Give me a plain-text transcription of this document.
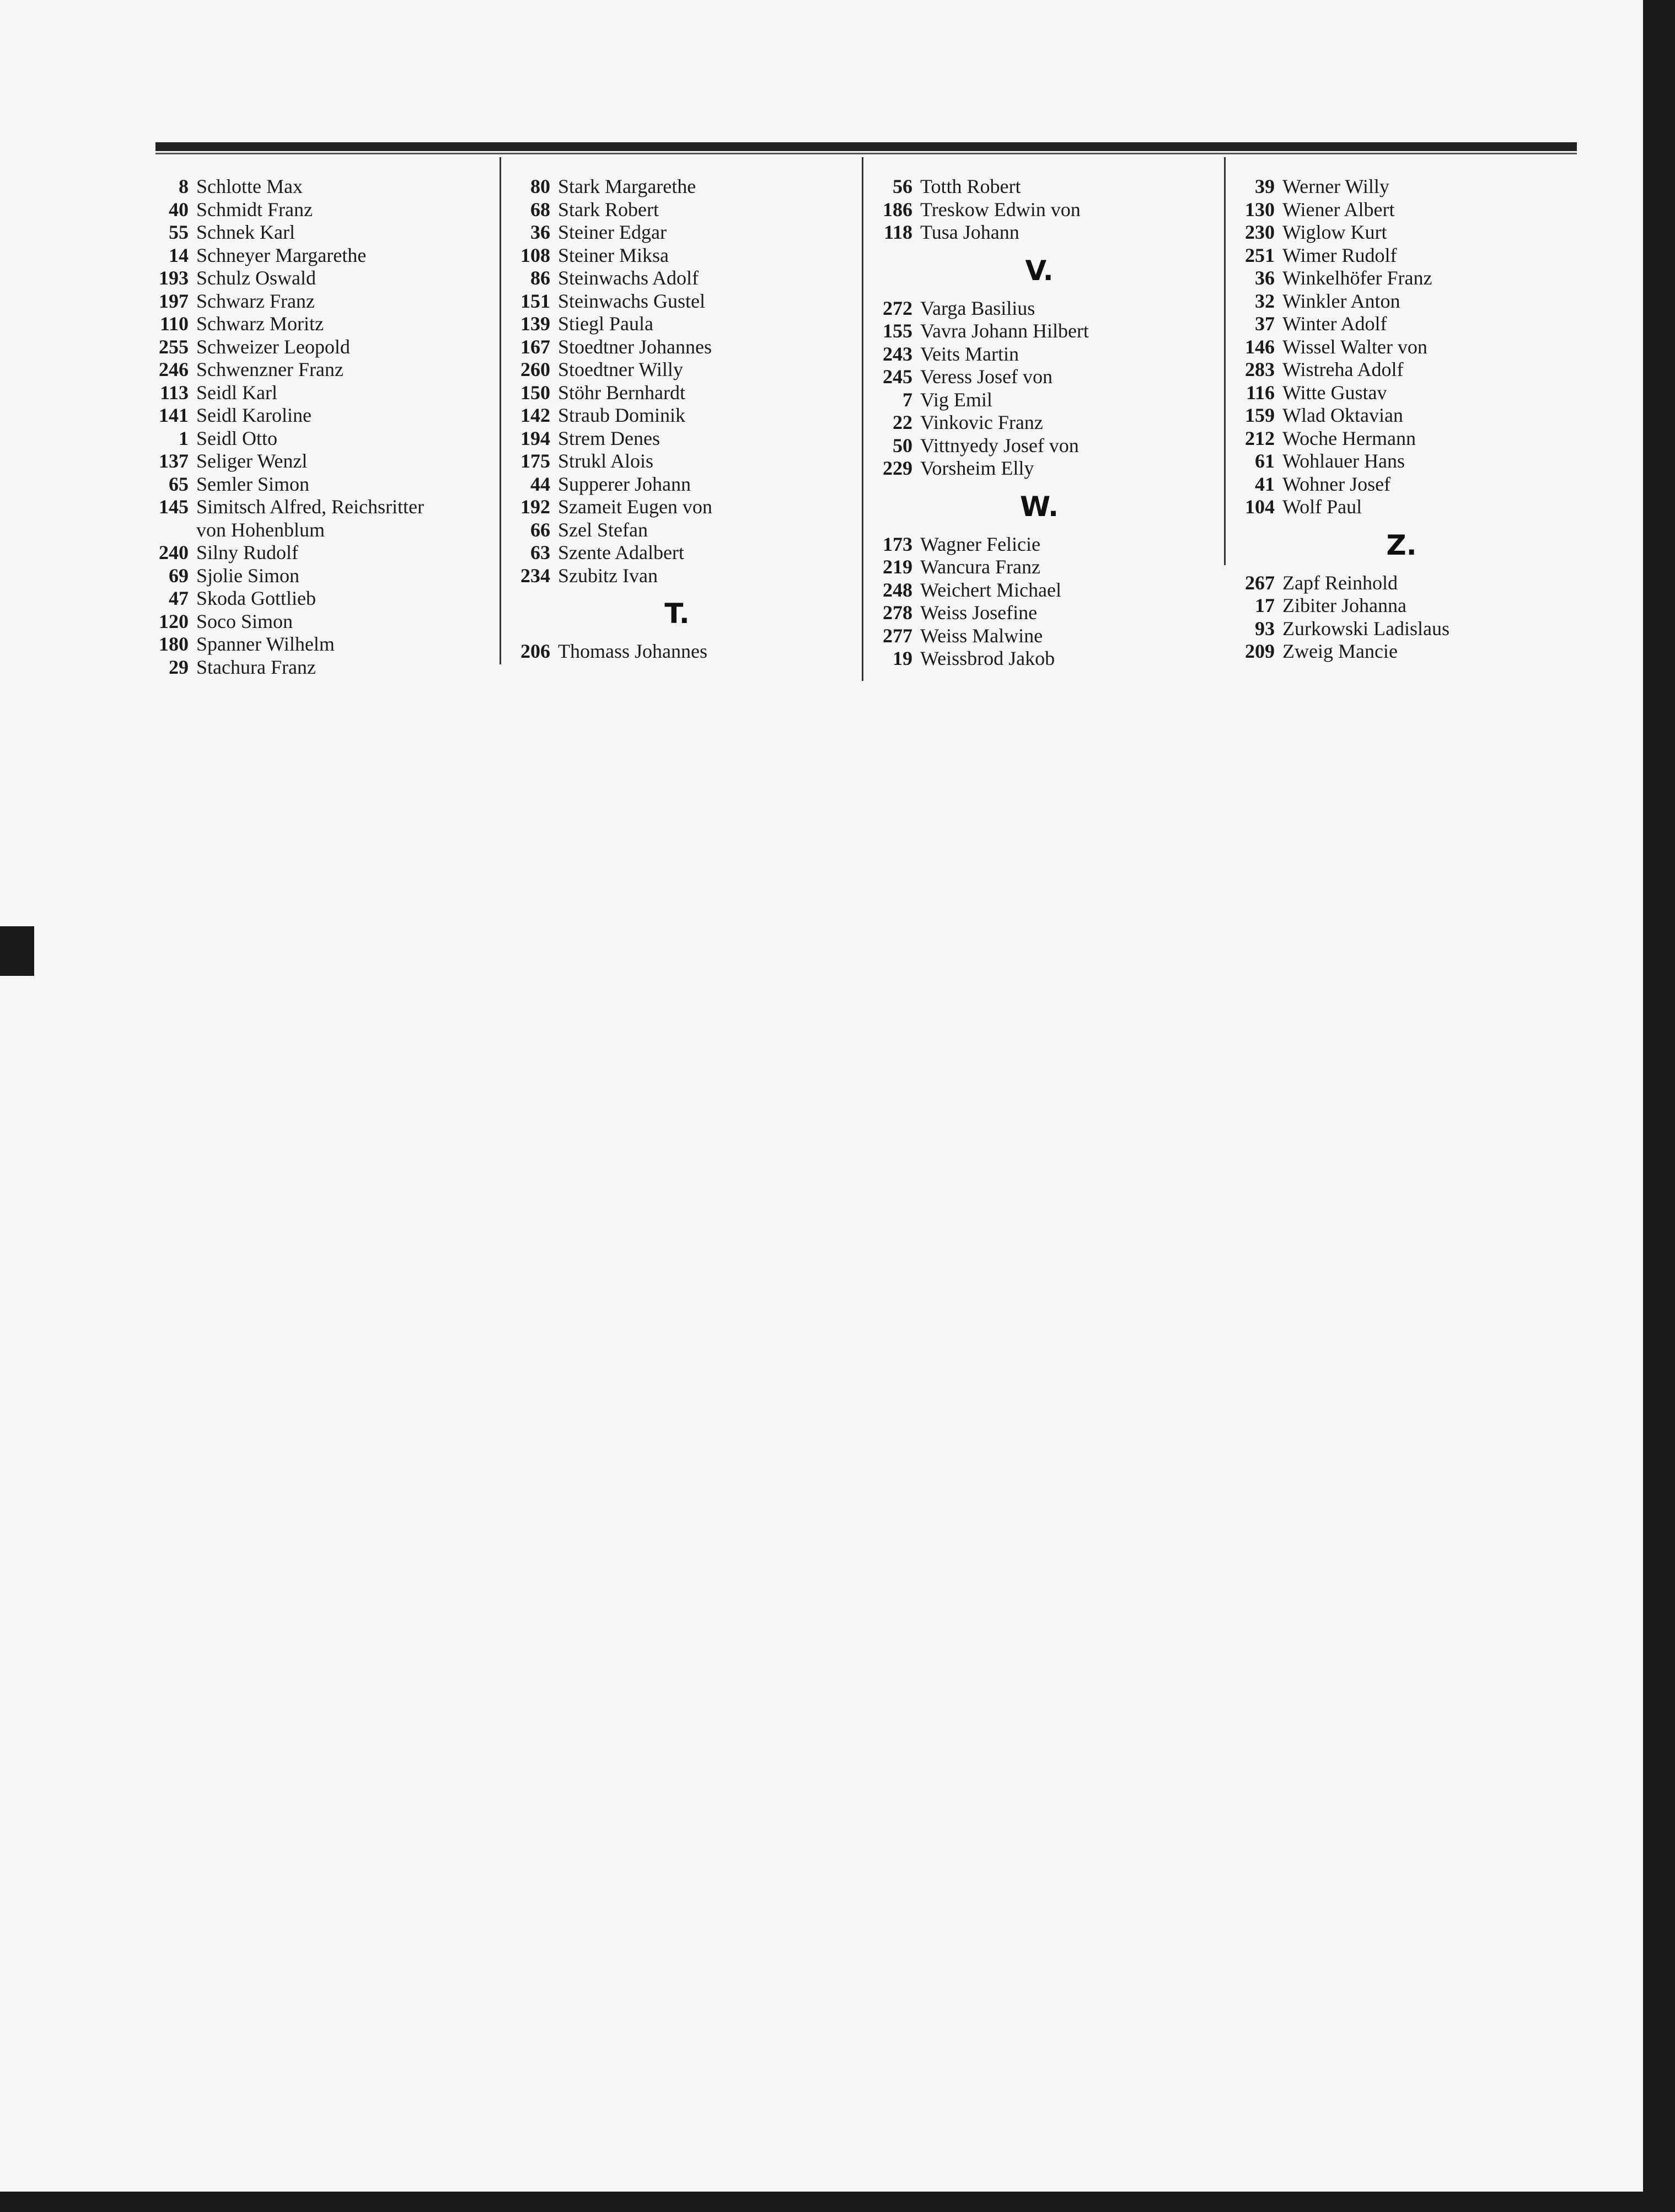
8 Schlotte Max
40 Schmidt Franz
55 Schnek Karl
14 Schneyer Margarethe
193 Schulz Oswald
197 Schwarz Franz
110 Schwarz Moritz
255 Schweizer Leopold
246 Schwenzner Franz
113 Seidl Karl
141 Seidl Karoline
1 Seidl Otto
137 Seliger Wenzl
65 Semler Simon
145 Simitsch Alfred, Reichsritter
von Hohenblum
240 Silny Rudolf
69 Sjolie Simon
47 Skoda Gottlieb
120 Soco Simon
180 Spanner Wilhelm
29 Stachura Franz
80 Stark Margarethe
68 Stark Robert
36 Steiner Edgar
108 Steiner Miksa
86 Steinwachs Adolf
151 Steinwachs Gustel
139 Stiegl Paula
167 Stoedtner Johannes
260 Stoedtner Willy
150 Stöhr Bernhardt
142 Straub Dominik
194 Strem Denes
175 Strukl Alois
44 Supperer Johann
192 Szameit Eugen von
66 Szel Stefan
63 Szente Adalbert
234 Szubitz Ivan
T.
206 Thomass Johannes
56 Totth Robert
186 Treskow Edwin von
118 Tusa Johann
V.
272 Varga Basilius
155 Vavra Johann Hilbert
243 Veits Martin
245 Veress Josef von
7 Vig Emil
22 Vinkovic Franz
50 Vittnyedy Josef von
229 Vorsheim Elly
W.
173 Wagner Felicie
219 Wancura Franz
248 Weichert Michael
278 Weiss Josefine
277 Weiss Malwine
19 Weissbrod Jakob
39 Werner Willy
130 Wiener Albert
230 Wiglow Kurt
251 Wimer Rudolf
36 Winkelhöfer Franz
32 Winkler Anton
37 Winter Adolf
146 Wissel Walter von
283 Wistreha Adolf
116 Witte Gustav
159 Wlad Oktavian
212 Woche Hermann
61 Wohlauer Hans
41 Wohner Josef
104 Wolf Paul
Z.
267 Zapf Reinhold
17 Zibiter Johanna
93 Zurkowski Ladislaus
209 Zweig Mancie
